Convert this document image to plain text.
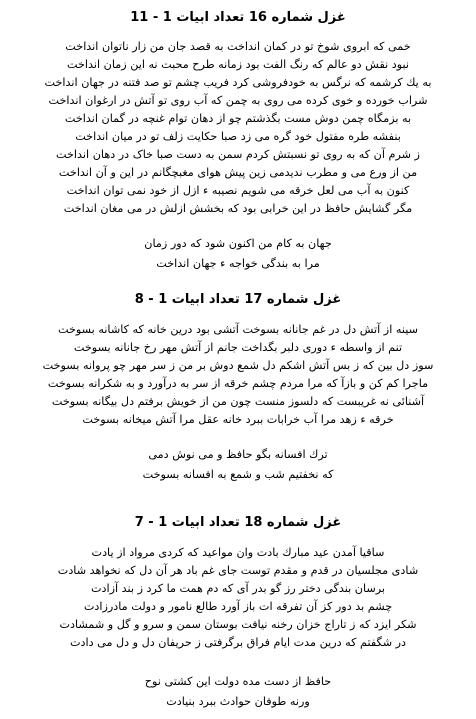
غزل شماره 16 تعداد ابیات 1 - 11
خمی که ابروی شوخ تو در کمان انداخت به قصد جان من زار ناتوان انداخت
نبود نقش دو عالم که رنگ الفت بود زمانه طرح محبت نه این زمان انداخت
به یك كرشمه كه نرگس به خودفروشی كرد فریب چشم تو صد فتنه در جهان انداخت
شراب خورده و خوی کرده می روی به چمن که آب روی تو آتش در ارغوان انداخت
به بزمگاه چمن دوش مست بگذشتم چو از دهان توام غنچه در گمان انداخت
بنفشه طره مفتول خود گره می زد صبا حکایت زلف تو در میان انداخت
ز شرم آن که به روی تو نسبتش کردم سمن به دست صبا خاک در دهان انداخت
من از ورع می و مطرب ندیدمی زین پیش هوای مغبچگانم در این و آن انداخت
کنون به آب می لعل خرقه می شویم نصیبه ء ازل از خود نمی توان انداخت
مگر گشایش حافظ در این خرابی بود که بخشش ازلش در می مغان انداخت
جهان به کام من اکنون شود که دور زمان
مرا به بندگی خواجه ء جهان انداخت
غزل شماره 17 تعداد ابیات 1 - 8
سینه از آتش دل در غم جانانه بسوخت آتشی بود درین خانه که کاشانه بسوخت
تنم از واسطه ء دوری دلبر بگداخت جانم از آتش مهر رخ جانانه بسوخت
سوز دل بین که ز بس آتش اشکم دل شمع دوش بر من ز سر مهر چو پروانه بسوخت
ماجرا کم کن و بازآ که مرا مردم چشم خرقه از سر به درآورد و به شکرانه بسوخت
آشنائی نه غریبست که دلسوز منست چون من از خویش برفتم دل بیگانه بسوخت
خرقه ء زهد مرا آب خرابات ببرد خانه عقل مرا آتش میخانه بسوخت
ترك افسانه بگو حافظ و می نوش دمی
که نخفتیم شب و شمع به افسانه بسوخت
غزل شماره 18 تعداد ابیات 1 - 7
ساقیا آمدن عید مبارك بادت وان مواعید كه كردی مرواد از یادت
شادی مجلسیان در قدم و مقدم توست جای غم باد هر آن دل که نخواهد شادت
برسان بندگی دختر رز گو بدر آی که دم همت ما کرد ز بند آزادت
چشم بد دور کز آن تفرقه ات باز آورد طالع نامور و دولت مادرزادت
شکر ایزد که ز تاراج خزان رخنه نیافت بوستان سمن و سرو و گل و شمشادت
در شگفتم که درین مدت ایام فراق برگرفتی ز حریفان دل و دل می دادت
حافظ از دست مده دولت این کشتی نوح
ورنه طوفان حوادث ببرد بنیادت
